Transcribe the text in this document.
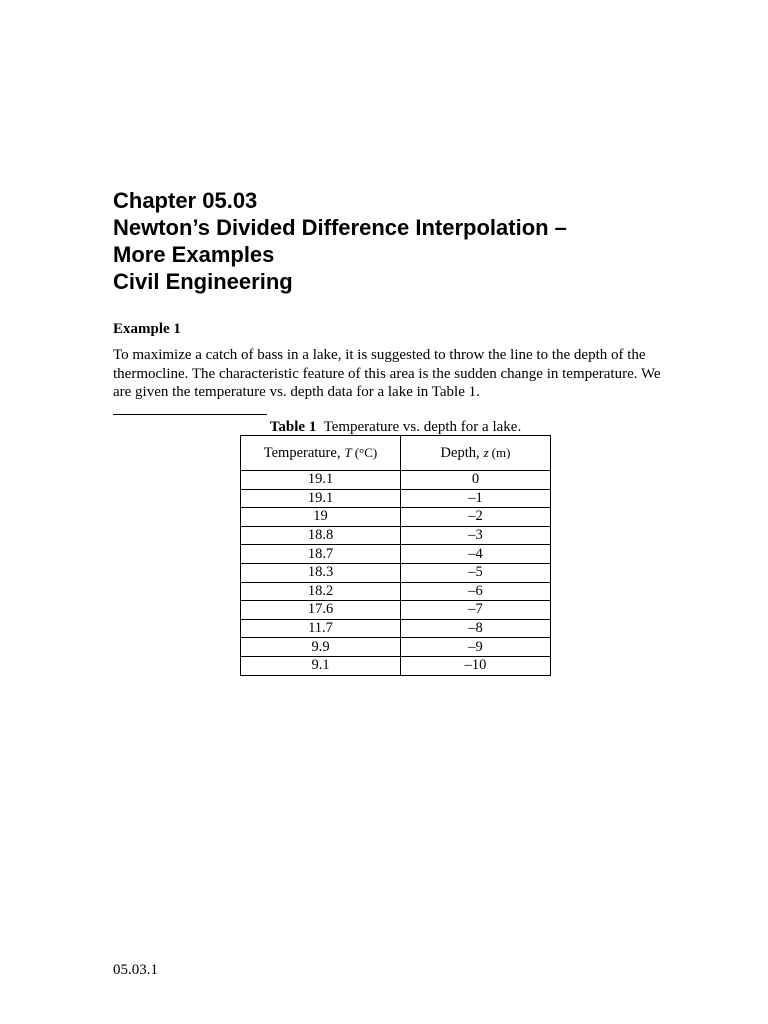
Chapter 05.03
Newton’s Divided Difference Interpolation –
More Examples
Civil Engineering
Example 1
To maximize a catch of bass in a lake, it is suggested to throw the line to the depth of the thermocline. The characteristic feature of this area is the sudden change in temperature. We are given the temperature vs. depth data for a lake in Table 1.
Table 1 Temperature vs. depth for a lake.
Temperature, T (°C)	Depth, z (m)
19.1	0
19.1	–1
19	–2
18.8	–3
18.7	–4
18.3	–5
18.2	–6
17.6	–7
11.7	–8
9.9	–9
9.1	–10
05.03.1
